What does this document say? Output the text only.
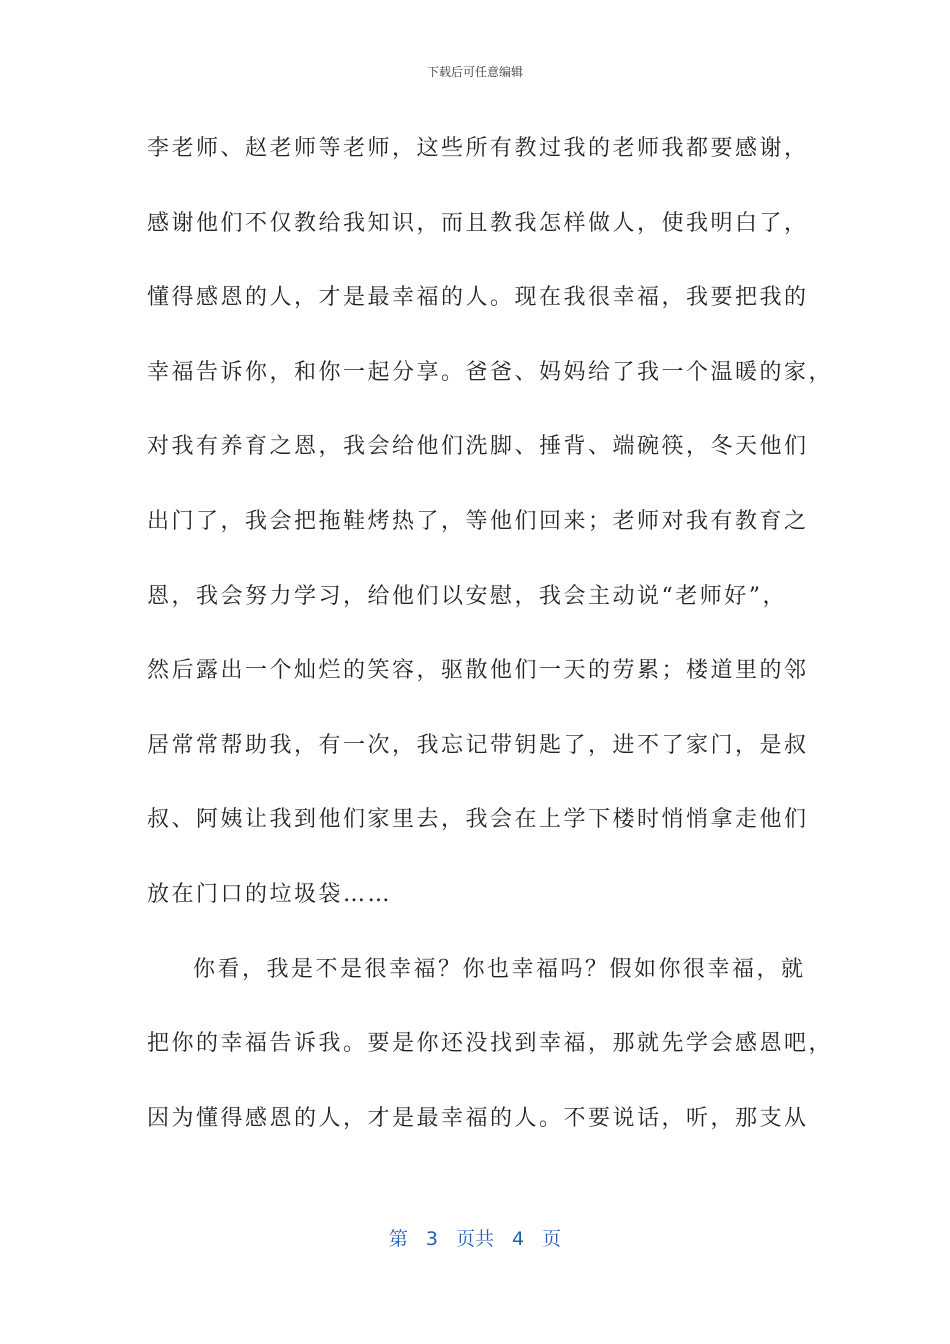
下载后可任意编辑
李老师、赵老师等老师，这些所有教过我的老师我都要感谢，
感谢他们不仅教给我知识，而且教我怎样做人，使我明白了，
懂得感恩的人，才是最幸福的人。现在我很幸福，我要把我的
幸福告诉你，和你一起分享。爸爸、妈妈给了我一个温暖的家，
对我有养育之恩，我会给他们洗脚、捶背、端碗筷，冬天他们
出门了，我会把拖鞋烤热了，等他们回来；老师对我有教育之
恩，我会努力学习，给他们以安慰，我会主动说“老师好”，
然后露出一个灿烂的笑容，驱散他们一天的劳累；楼道里的邻
居常常帮助我，有一次，我忘记带钥匙了，进不了家门，是叔
叔、阿姨让我到他们家里去，我会在上学下楼时悄悄拿走他们
放在门口的垃圾袋……
你看，我是不是很幸福？你也幸福吗？假如你很幸福，就
把你的幸福告诉我。要是你还没找到幸福，那就先学会感恩吧，
因为懂得感恩的人，才是最幸福的人。不要说话，听，那支从
第 3 页共 4 页
